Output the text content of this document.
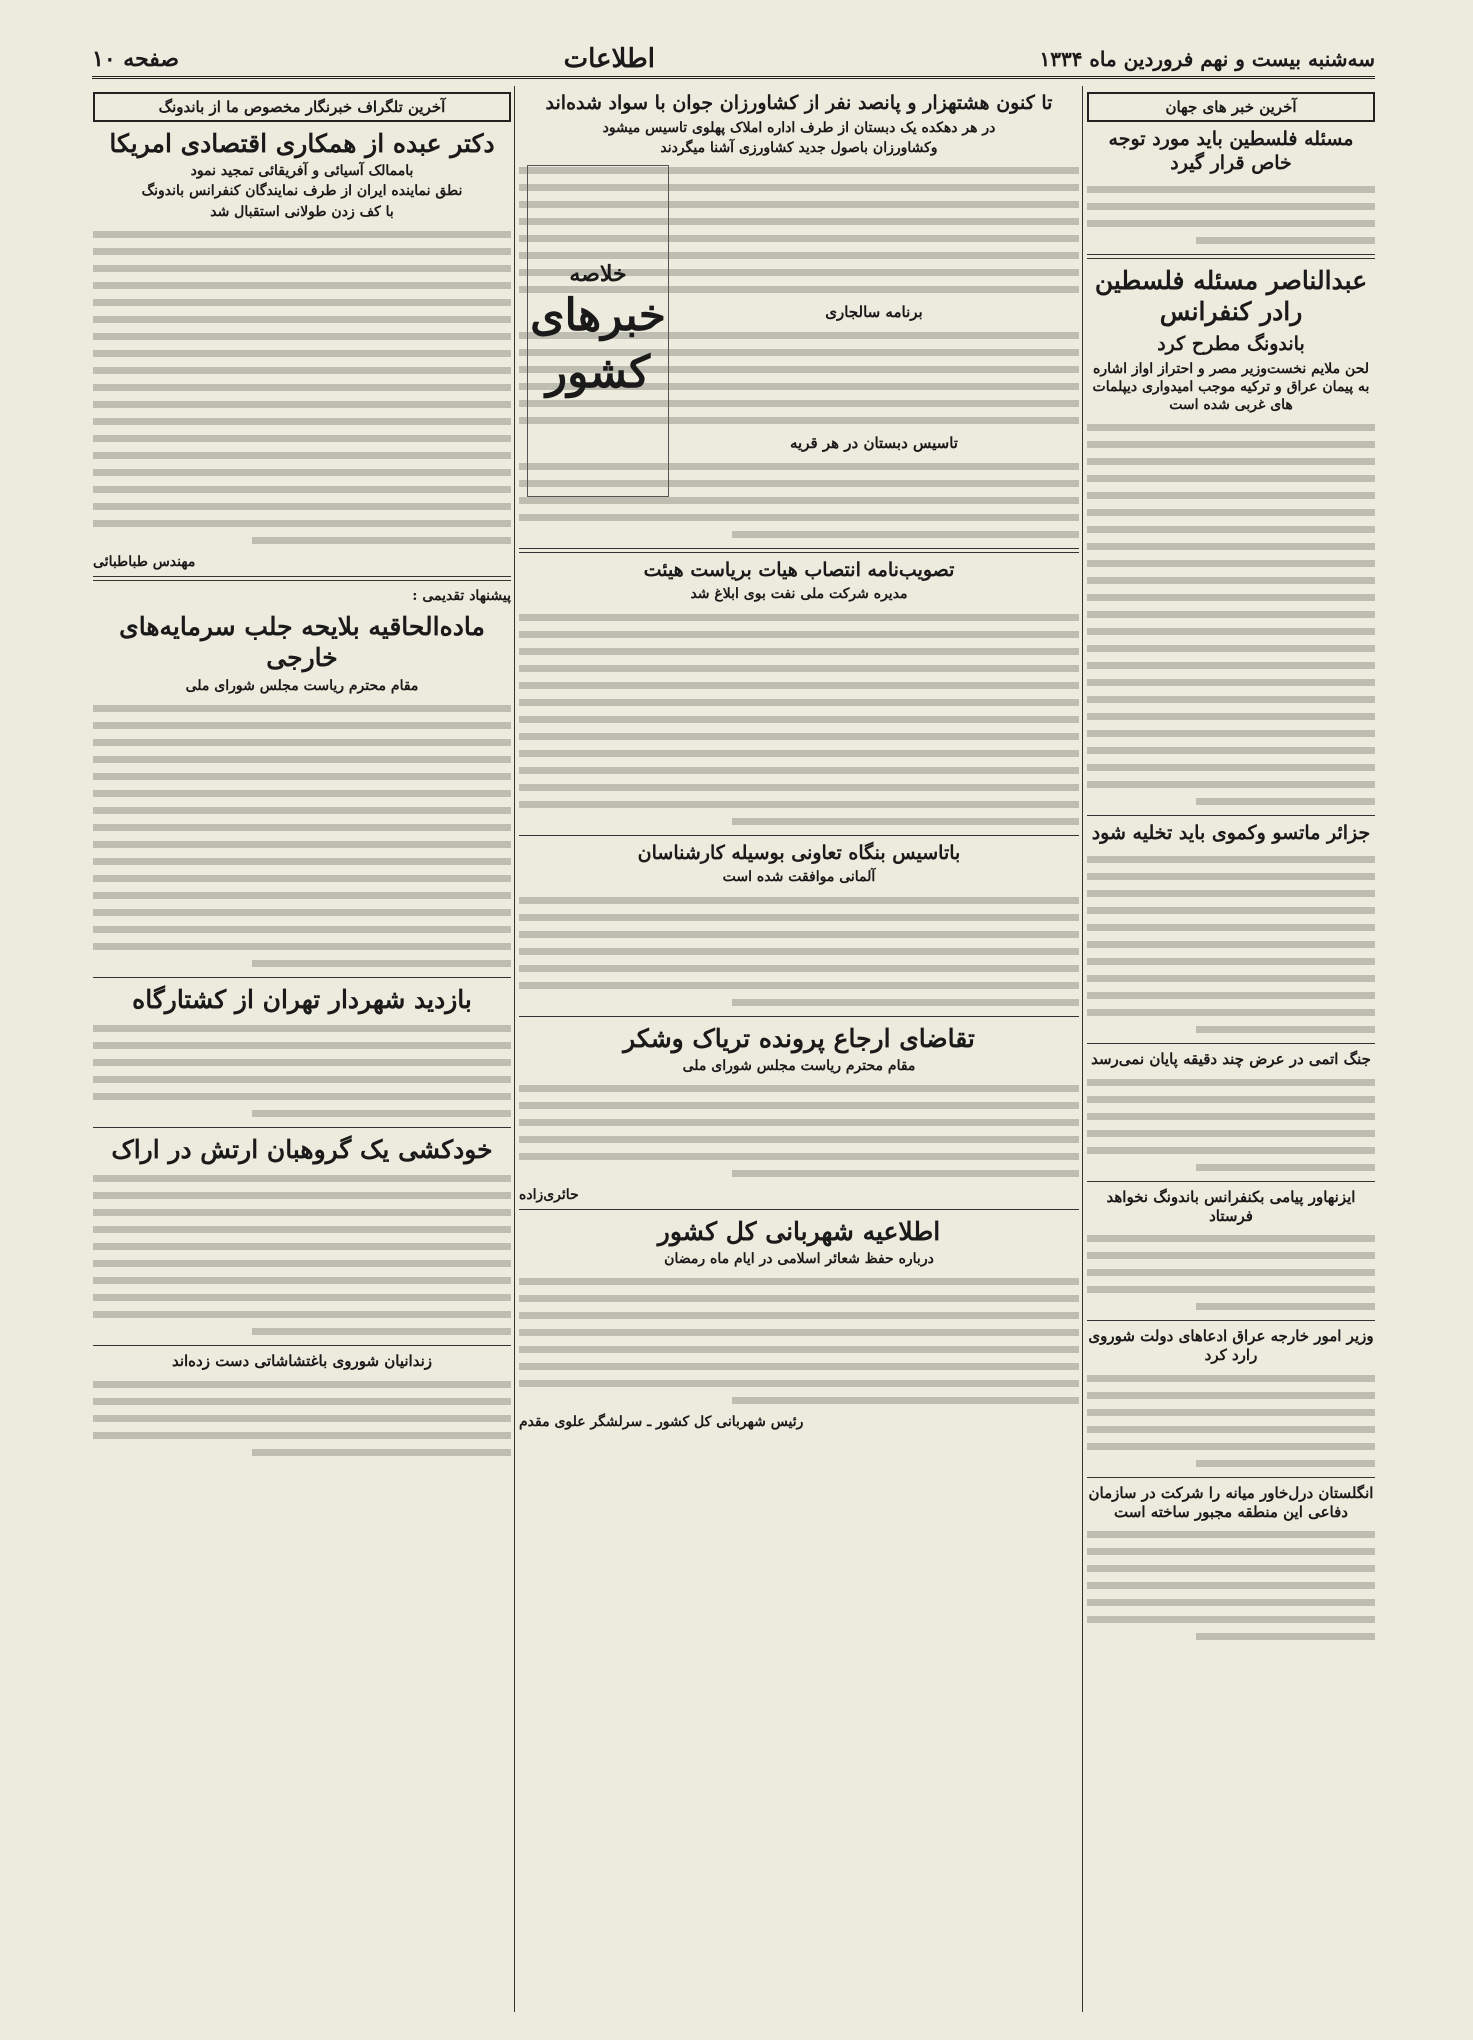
سه‌شنبه بیست و نهم فروردین ماه ۱۳۳۴
اطلاعات
صفحه ۱۰
آخرین خبر های جهان
مسئله فلسطین باید مورد توجه خاص قرار گیرد
عبدالناصر مسئله فلسطین رادر کنفرانس
باندونگ مطرح کرد
لحن ملایم نخست‌وزیر مصر و احتراز اواز اشاره به پیمان عراق و ترکیه موجب امیدواری دیپلمات های غربی شده است
جزائر ماتسو وکموی باید تخلیه شود
جنگ اتمی در عرض چند دقیقه پایان نمی‌رسد
ایزنهاور پیامی بکنفرانس باندونگ نخواهد فرستاد
وزیر امور خارجه عراق ادعاهای دولت شوروی رارد کرد
انگلستان درل‌خاور میانه را شرکت در سازمان دفاعی این منطقه مجبور ساخته است
تا کنون هشتهزار و پانصد نفر از کشاورزان جوان با سواد شده‌اند
در هر دهکده یک دبستان از طرف اداره املاک پهلوی تاسیس میشود
وکشاورزان باصول جدید کشاورزی آشنا میگردند
خلاصه
خبرهای کشور
برنامه سالجاری
تاسیس دبستان در هر قریه
تصویب‌نامه انتصاب هیات بریاست هیئت
مدیره شرکت ملی نفت بوی ابلاغ شد
باتاسیس بنگاه تعاونی بوسیله کارشناسان
آلمانی موافقت شده است
تقاضای ارجاع پرونده تریاک وشکر
مقام محترم ریاست مجلس شورای ملی
حائری‌زاده
اطلاعیه شهربانی کل کشور
درباره حفظ شعائر اسلامی در ایام ماه رمضان
رئیس شهربانی کل کشور ـ سرلشگر علوی مقدم
آخرین تلگراف خبرنگار مخصوص ما از باندونگ
دکتر عبده از همکاری اقتصادی امریکا
باممالک آسیائی و آفریقائی تمجید نمود
نطق نماینده ایران از طرف نمایندگان کنفرانس باندونگ
با کف زدن طولانی استقبال شد
مهندس طباطبائی
پیشنهاد تقدیمی :
ماده‌الحاقیه بلایحه جلب سرمایه‌های خارجی
مقام محترم ریاست مجلس شورای ملی
بازدید شهردار تهران از کشتارگاه
خودکشی یک گروهبان ارتش در اراک
زندانیان شوروی باغتشاشاتی دست زده‌اند
